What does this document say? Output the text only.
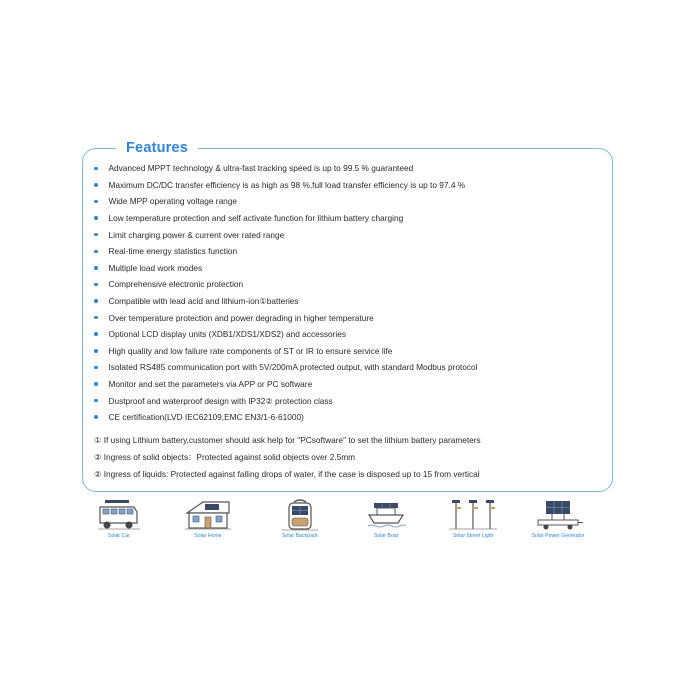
Features
Advanced MPPT technology & ultra-fast tracking speed is up to 99.5 % guaranteed
Maximum DC/DC transfer efficiency is as high as 98 %,full load transfer efficiency is up to 97.4 %
Wide MPP operating voltage range
Low temperature protection and self activate function for lithium battery charging
Limit charging power & current over rated range
Real-time energy statistics function
Multiple load work modes
Comprehensive electronic protection
Compatible with lead acid and lithium-ion①batteries
Over temperature protection and power degrading in higher temperature
Optional LCD display units (XDB1/XDS1/XDS2) and accessories
High quality and low failure rate components of ST or IR to ensure service life
Isolated RS485 communication port with 5V/200mA protected output, with standard Modbus protocol
Monitor and set the parameters via APP or PC software
Dustproof and waterproof design with IP32② protection class
CE certification(LVD IEC62109,EMC EN3/1-6-61000)
① If using Lithium battery,customer should ask help for "PCsoftware" to set the lithium battery parameters
② Ingress of solid objects：Protected against solid objects over 2.5mm
② Ingress of liquids: Protected against falling drops of water, if the case is disposed up to 15 from vertical
Solar Car	Solar Home	Solar Backpack	Solar Boat	Solar Street Light	Solar Power Generator
